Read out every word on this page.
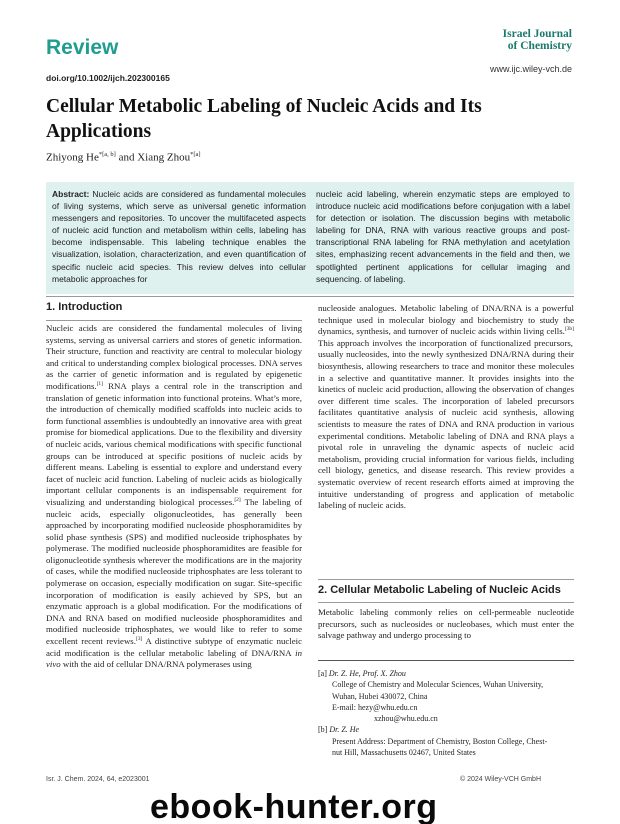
Review
Israel Journal
of Chemistry
www.ijc.wiley-vch.de
doi.org/10.1002/ijch.202300165
Cellular Metabolic Labeling of Nucleic Acids and Its Applications
Zhiyong $He^{*[a, b]}$ and Xiang Zhou$^{*[a]}$
Abstract: Nucleic acids are considered as fundamental molecules of living systems, which serve as universal genetic information messengers and repositories. To uncover the multifaceted aspects of nucleic acid function and metabolism within cells, labeling has become indispensable. This labeling technique enables the visualization, isolation, characterization, and even quantification of specific nucleic acid species. This review delves into cellular metabolic approaches for
nucleic acid labeling, wherein enzymatic steps are employed to introduce nucleic acid modifications before conjugation with a label for detection or isolation. The discussion begins with metabolic labeling for DNA, RNA with various reactive groups and post-transcriptional RNA labeling for RNA methylation and acetylation sites, emphasizing recent advancements in the field and then, we spotlighted pertinent applications for cellular imaging and sequencing. of labeling.
1. Introduction
Nucleic acids are considered the fundamental molecules of living systems, serving as universal carriers and stores of genetic information. Their structure, function and reactivity are central to molecular biology and critical to understanding complex biological processes. DNA serves as the carrier of genetic information and is regulated by epigenetic modifications.[1] RNA plays a central role in the transcription and translation of genetic information into functional proteins. What’s more, the introduction of chemically modified scaffolds into nucleic acids to form functional assemblies is undoubtedly an innovative area with great promise for biomedical applications. Due to the flexibility and diversity of nucleic acids, various chemical modifications with specific functional groups can be introduced at specific positions of nucleic acids by different means. Labeling is essential to explore and understand every facet of nucleic acid function. Labeling of nucleic acids as biologically important cellular components is an indispensable requirement for visualizing and understanding biological processes.[2] The labeling of nucleic acids, especially oligonucleotides, has generally been approached by incorporating modified nucleoside phosphoramidites by solid phase synthesis (SPS) and modified nucleoside triphosphates by polymerase. The modified nucleoside phosphoramidites are feasible for oligonucleotide synthesis wherever the modifications are in the majority of cases, while the modified nucleoside triphosphates are less tolerant to polymerase on occasion, especially modification on sugar. Site-specific incorporation of modification is easily achieved by SPS, but an enzymatic approach is a global modification. For the modifications of DNA and RNA based on modified nucleoside phosphoramidites and modified nucleoside triphosphates, we would like to refer to some excellent recent reviews.[3] A distinctive subtype of enzymatic nucleic acid modification is the cellular metabolic labeling of DNA/RNA in vivo with the aid of cellular DNA/RNA polymerases using
nucleoside analogues. Metabolic labeling of DNA/RNA is a powerful technique used in molecular biology and biochemistry to study the dynamics, synthesis, and turnover of nucleic acids within living cells.[3b] This approach involves the incorporation of functionalized precursors, usually nucleosides, into the newly synthesized DNA/RNA during their biosynthesis, allowing researchers to trace and monitor these molecules in a selective and quantitative manner. It provides insights into the kinetics of nucleic acid production, allowing the observation of changes over different time scales. The incorporation of labeled precursors facilitates quantitative analysis of nucleic acid synthesis, allowing scientists to measure the rates of DNA and RNA production in various experimental conditions. Metabolic labeling of DNA and RNA plays a pivotal role in unraveling the dynamic aspects of nucleic acid metabolism, providing crucial information for various fields, including cell biology, genetics, and disease research. This review provides a systematic overview of recent research efforts aimed at improving the intuitive understanding of progress and application of metabolic labeling of nucleic acids.
2. Cellular Metabolic Labeling of Nucleic Acids
Metabolic labeling commonly relies on cell-permeable nucleotide precursors, such as nucleosides or nucleobases, which must enter the salvage pathway and undergo processing to
[a] Dr. Z. He, Prof. X. Zhou
College of Chemistry and Molecular Sciences, Wuhan University,
Wuhan, Hubei 430072, China
E-mail: hezy@whu.edu.cn
xzhou@whu.edu.cn
[b] Dr. Z. He
Present Address: Department of Chemistry, Boston College, Chest-
nut Hill, Massachusetts 02467, United States
Isr. J. Chem. 2024, 64, e2023001	© 2024 Wiley-VCH GmbH
ebook-hunter.org
